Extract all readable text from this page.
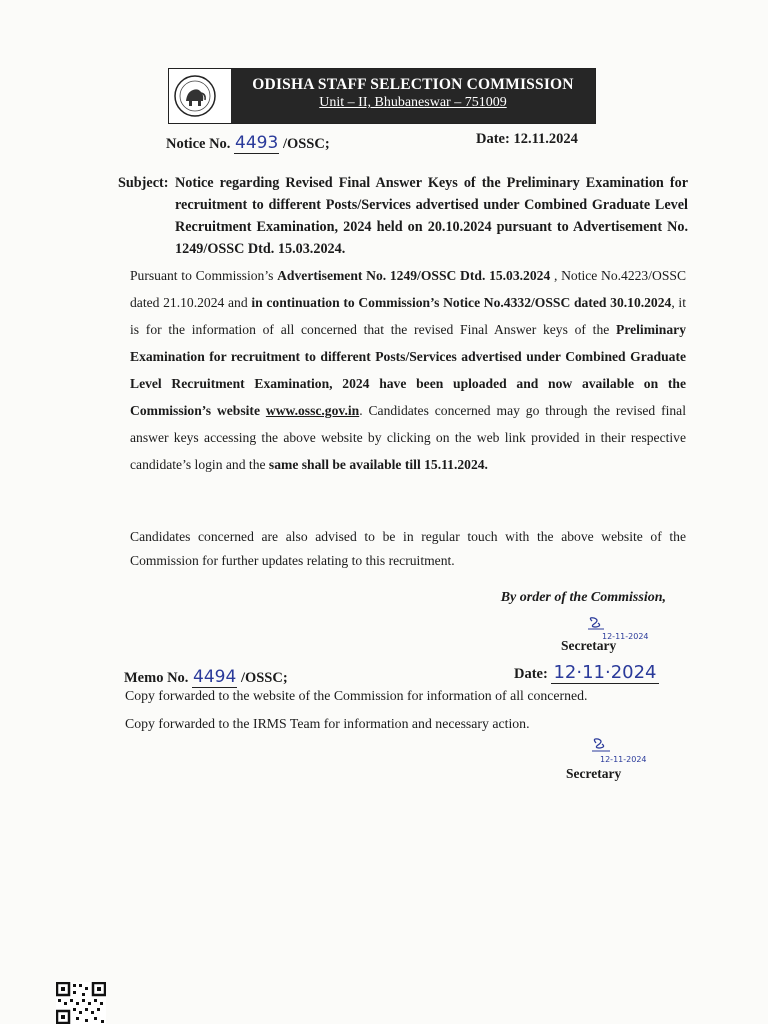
ODISHA STAFF SELECTION COMMISSION
Unit – II, Bhubaneswar – 751009
Notice No. 4493 /OSSC;	Date: 12.11.2024
Subject: Notice regarding Revised Final Answer Keys of the Preliminary Examination for recruitment to different Posts/Services advertised under Combined Graduate Level Recruitment Examination, 2024 held on 20.10.2024 pursuant to Advertisement No. 1249/OSSC Dtd. 15.03.2024.
Pursuant to Commission’s Advertisement No. 1249/OSSC Dtd. 15.03.2024 , Notice No.4223/OSSC dated 21.10.2024 and in continuation to Commission’s Notice No.4332/OSSC dated 30.10.2024, it is for the information of all concerned that the revised Final Answer keys of the Preliminary Examination for recruitment to different Posts/Services advertised under Combined Graduate Level Recruitment Examination, 2024 have been uploaded and now available on the Commission’s website www.ossc.gov.in. Candidates concerned may go through the revised final answer keys accessing the above website by clicking on the web link provided in their respective candidate’s login and the same shall be available till 15.11.2024.
Candidates concerned are also advised to be in regular touch with the above website of the Commission for further updates relating to this recruitment.
By order of the Commission,
12-11-2024
Secretary
Memo No. 4494 /OSSC;	Date: 12·11·2024
Copy forwarded to the website of the Commission for information of all concerned.
Copy forwarded to the IRMS Team for information and necessary action.
12-11-2024
Secretary
